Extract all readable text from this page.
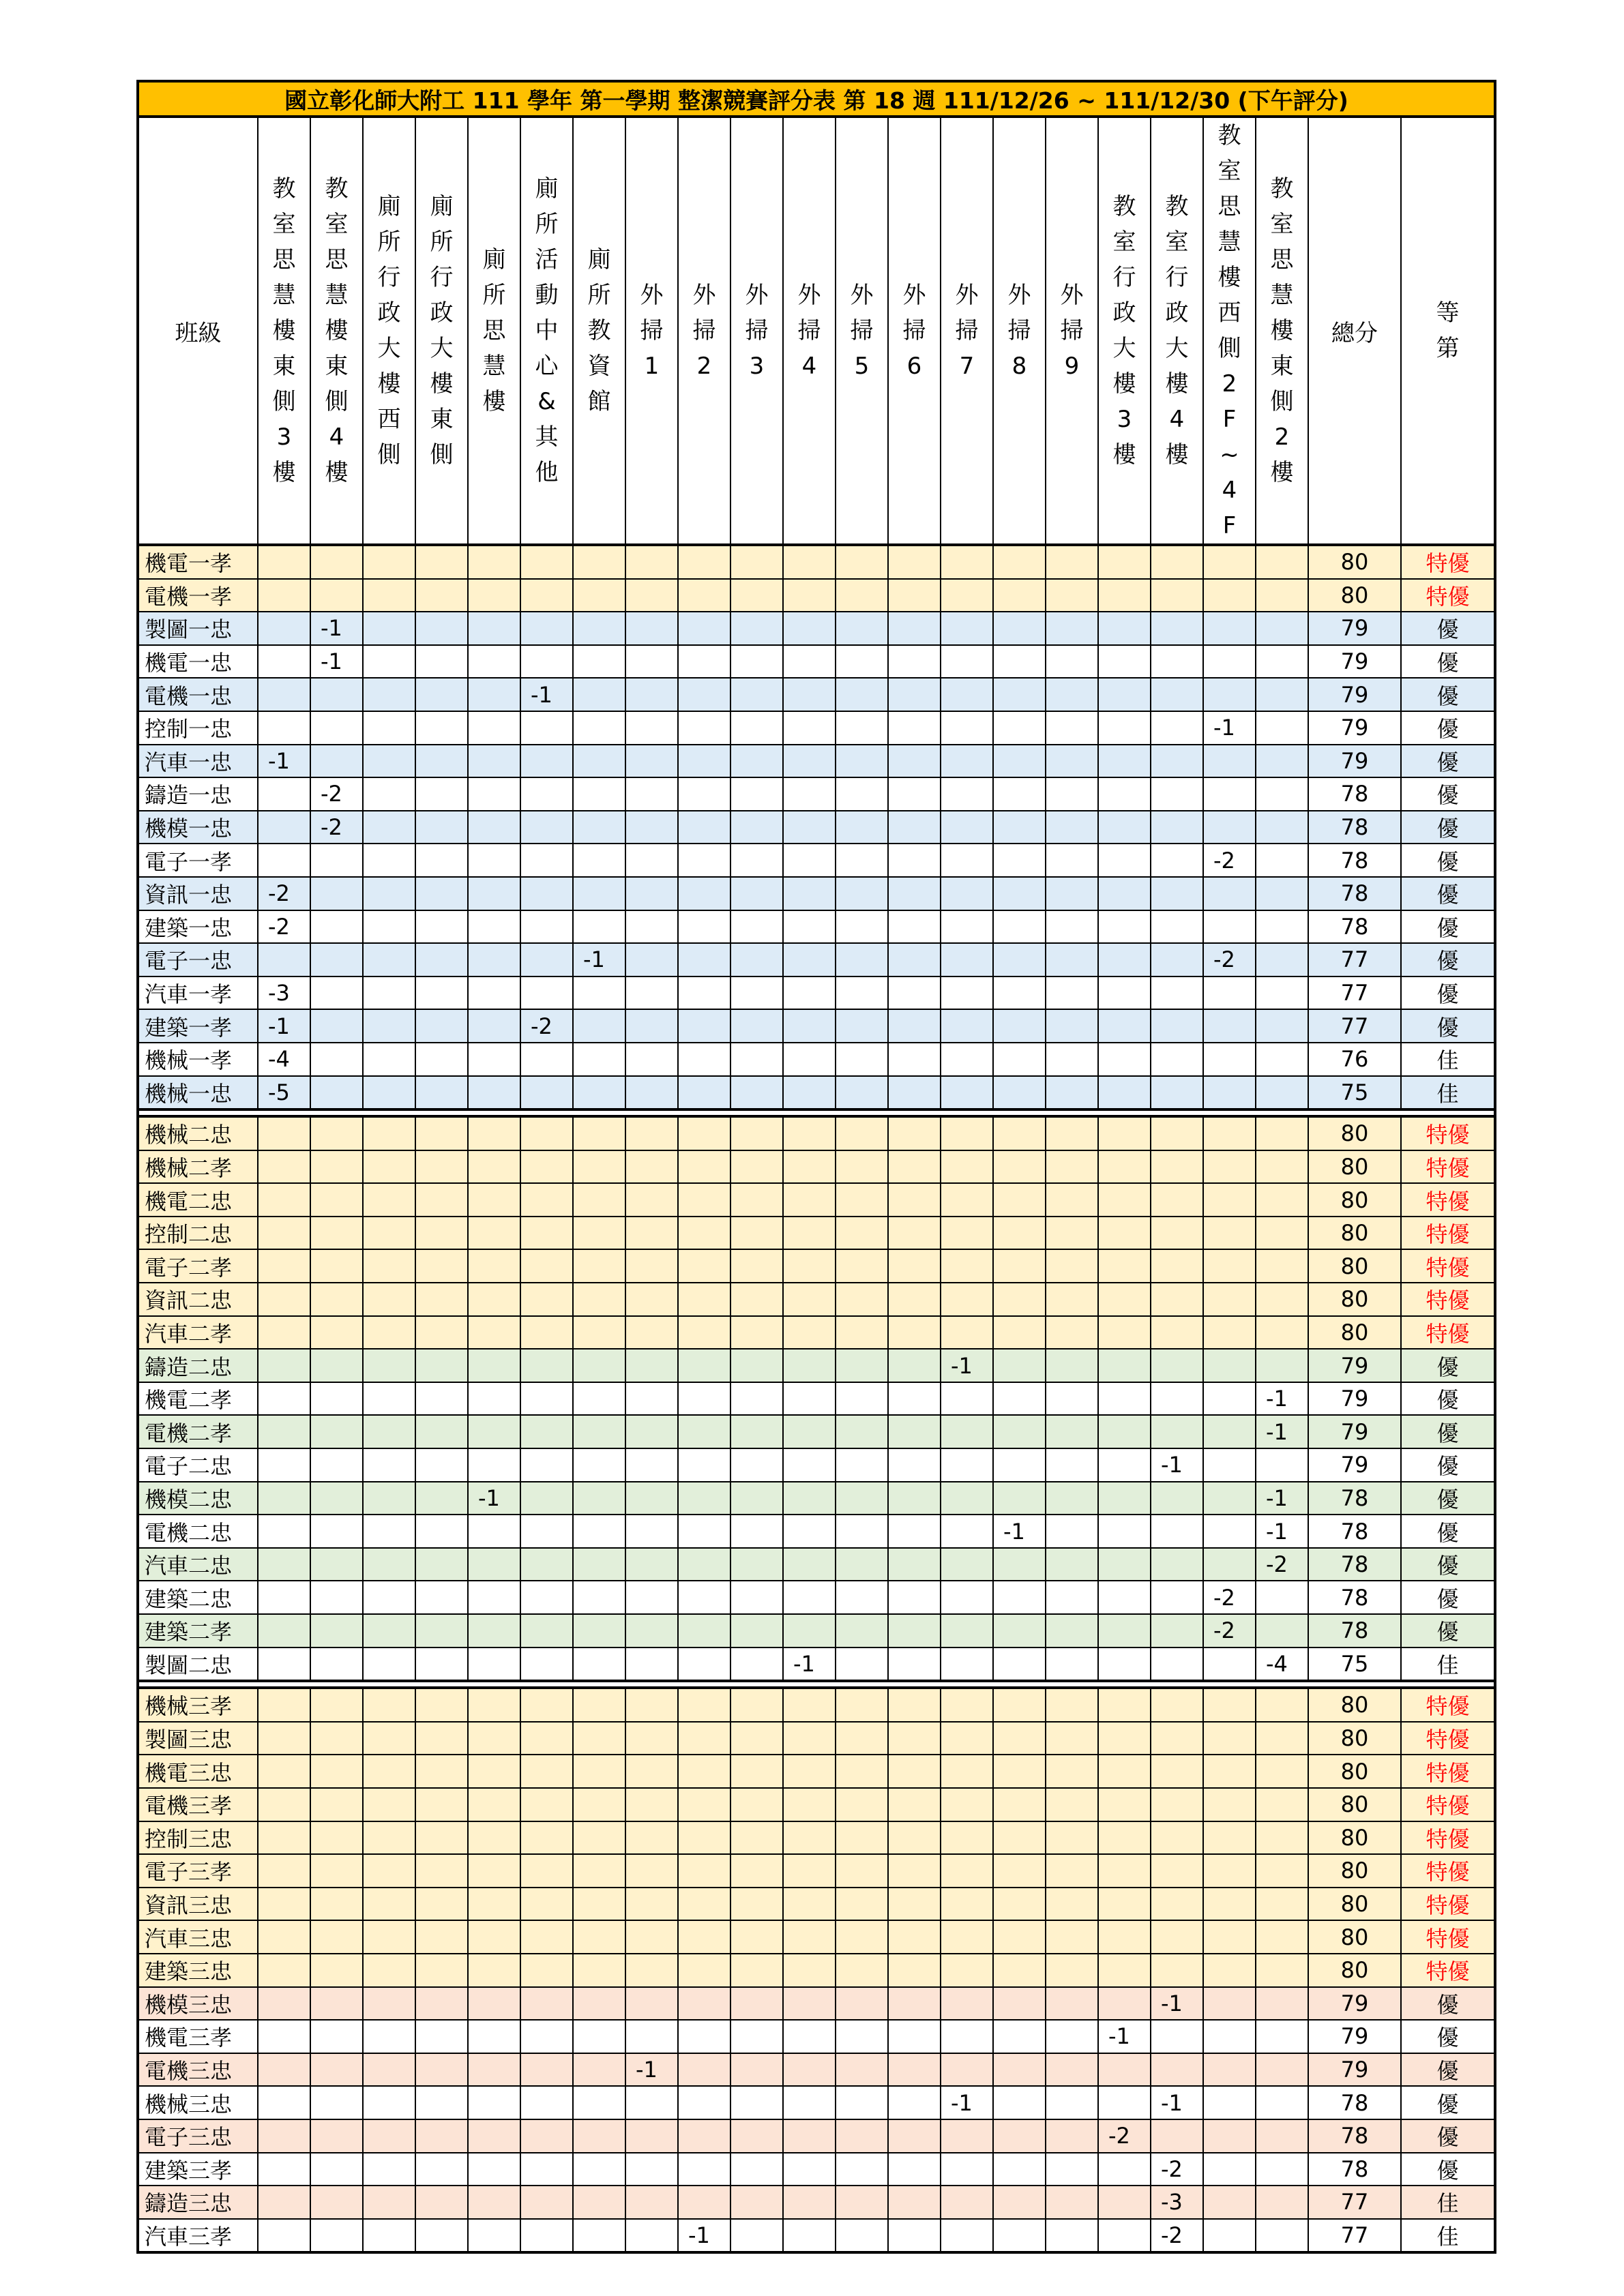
國立彰化師大附工 111 學年 第一學期 整潔競賽評分表 第 18 週 111/12/26 ~ 111/12/30 (下午評分)																						
班級	教室思慧樓東側3樓	教室思慧樓東側4樓	廁所行政大樓西側	廁所行政大樓東側	廁所思慧樓	廁所活動中心&其他	廁所教資館	外掃1	外掃2	外掃3	外掃4	外掃5	外掃6	外掃7	外掃8	外掃9	教室行政大樓3樓	教室行政大樓4樓	教室思慧樓西側2F~4F	教室思慧樓東側2樓	總分	等第
機電一孝																					80	特優
電機一孝																					80	特優
製圖一忠		-1																			79	優
機電一忠		-1																			79	優
電機一忠						-1															79	優
控制一忠																			-1		79	優
汽車一忠	-1																				79	優
鑄造一忠		-2																			78	優
機模一忠		-2																			78	優
電子一孝																			-2		78	優
資訊一忠	-2																				78	優
建築一忠	-2																				78	優
電子一忠							-1												-2		77	優
汽車一孝	-3																				77	優
建築一孝	-1					-2															77	優
機械一孝	-4																				76	佳
機械一忠	-5																				75	佳

機械二忠																					80	特優
機械二孝																					80	特優
機電二忠																					80	特優
控制二忠																					80	特優
電子二孝																					80	特優
資訊二忠																					80	特優
汽車二孝																					80	特優
鑄造二忠														-1							79	優
機電二孝																				-1	79	優
電機二孝																				-1	79	優
電子二忠																		-1			79	優
機模二忠					-1															-1	78	優
電機二忠															-1					-1	78	優
汽車二忠																				-2	78	優
建築二忠																			-2		78	優
建築二孝																			-2		78	優
製圖二忠											-1									-4	75	佳

機械三孝																					80	特優
製圖三忠																					80	特優
機電三忠																					80	特優
電機三孝																					80	特優
控制三忠																					80	特優
電子三孝																					80	特優
資訊三忠																					80	特優
汽車三忠																					80	特優
建築三忠																					80	特優
機模三忠																		-1			79	優
機電三孝																	-1				79	優
電機三忠								-1													79	優
機械三忠														-1				-1			78	優
電子三忠																	-2				78	優
建築三孝																		-2			78	優
鑄造三忠																		-3			77	佳
汽車三孝									-1									-2			77	佳
